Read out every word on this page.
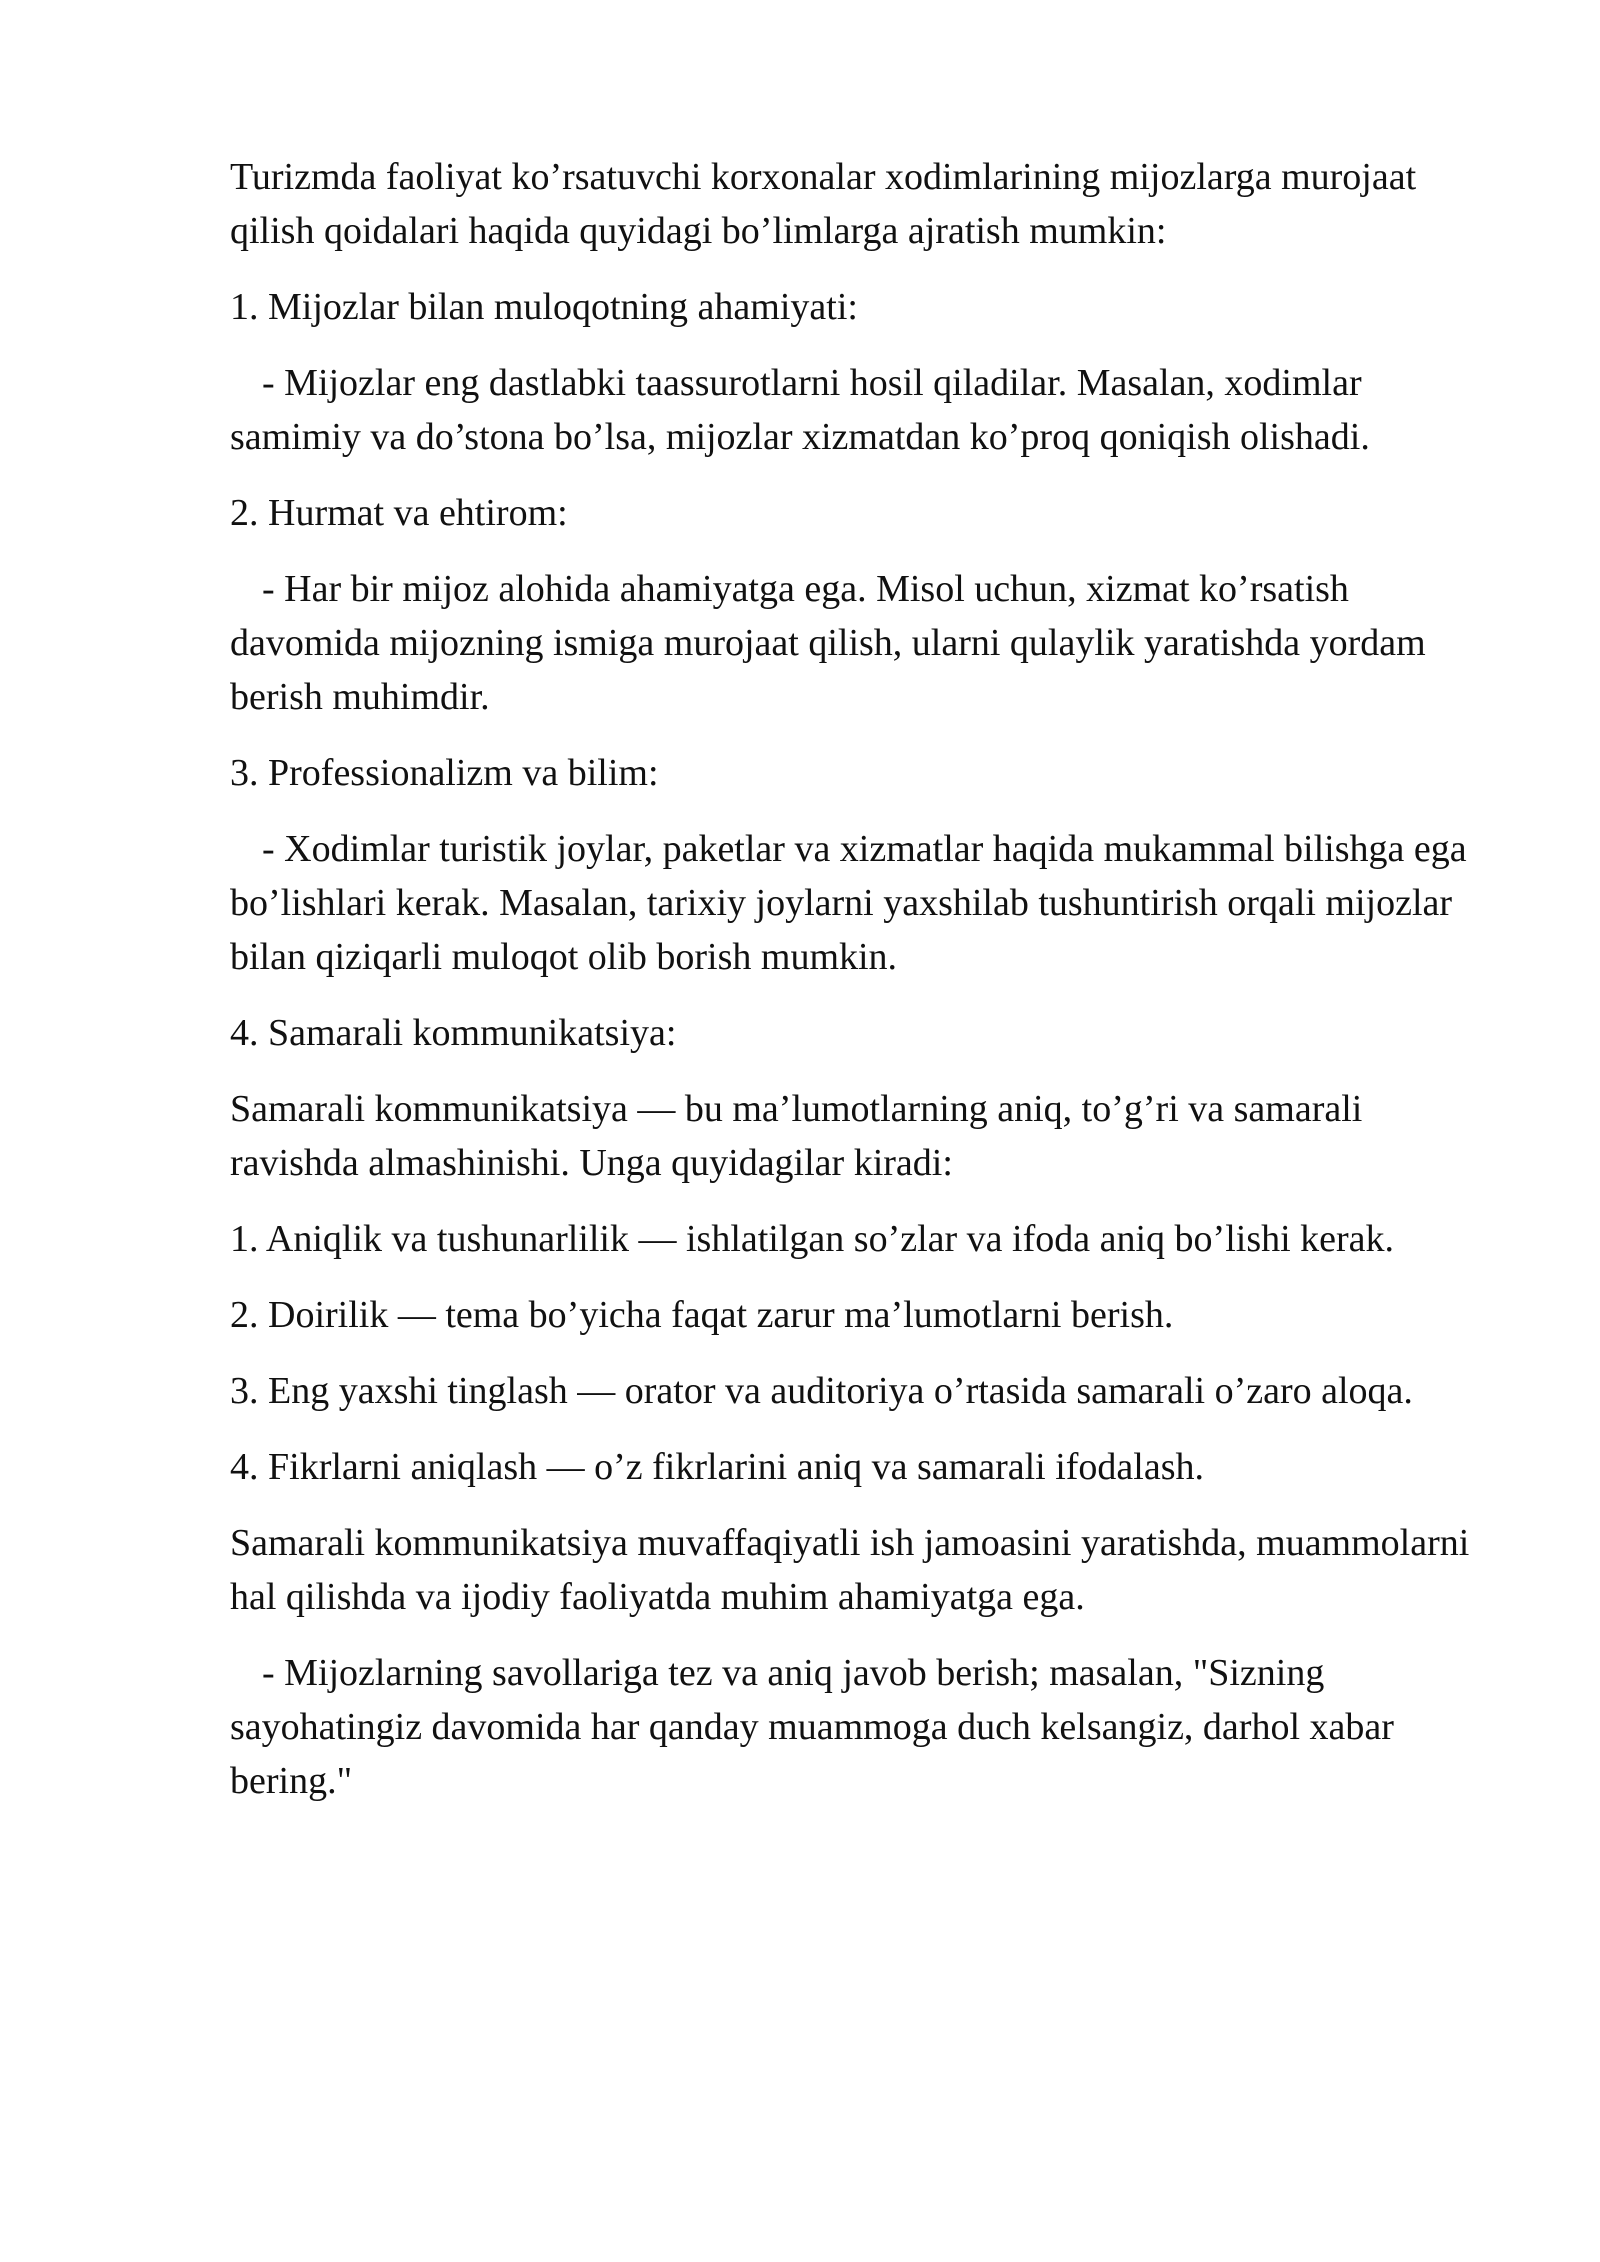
Turizmda faoliyat ko’rsatuvchi korxonalar xodimlarining mijozlarga murojaat qilish qoidalari haqida quyidagi bo’limlarga ajratish mumkin:

1. Mijozlar bilan muloqotning ahamiyati:

- Mijozlar eng dastlabki taassurotlarni hosil qiladilar. Masalan, xodimlar samimiy va do’stona bo’lsa, mijozlar xizmatdan ko’proq qoniqish olishadi.

2. Hurmat va ehtirom:

- Har bir mijoz alohida ahamiyatga ega. Misol uchun, xizmat ko’rsatish davomida mijozning ismiga murojaat qilish, ularni qulaylik yaratishda yordam berish muhimdir.

3. Professionalizm va bilim:

- Xodimlar turistik joylar, paketlar va xizmatlar haqida mukammal bilishga ega bo’lishlari kerak. Masalan, tarixiy joylarni yaxshilab tushuntirish orqali mijozlar bilan qiziqarli muloqot olib borish mumkin.

4. Samarali kommunikatsiya:

Samarali kommunikatsiya — bu ma’lumotlarning aniq, to’g’ri va samarali ravishda almashinishi. Unga quyidagilar kiradi:

1. Aniqlik va tushunarlilik — ishlatilgan so’zlar va ifoda aniq bo’lishi kerak.

2. Doirilik — tema bo’yicha faqat zarur ma’lumotlarni berish.

3. Eng yaxshi tinglash — orator va auditoriya o’rtasida samarali o’zaro aloqa.

4. Fikrlarni aniqlash — o’z fikrlarini aniq va samarali ifodalash.

Samarali kommunikatsiya muvaffaqiyatli ish jamoasini yaratishda, muammolarni hal qilishda va ijodiy faoliyatda muhim ahamiyatga ega.

- Mijozlarning savollariga tez va aniq javob berish; masalan, "Sizning sayohatingiz davomida har qanday muammoga duch kelsangiz, darhol xabar bering."
